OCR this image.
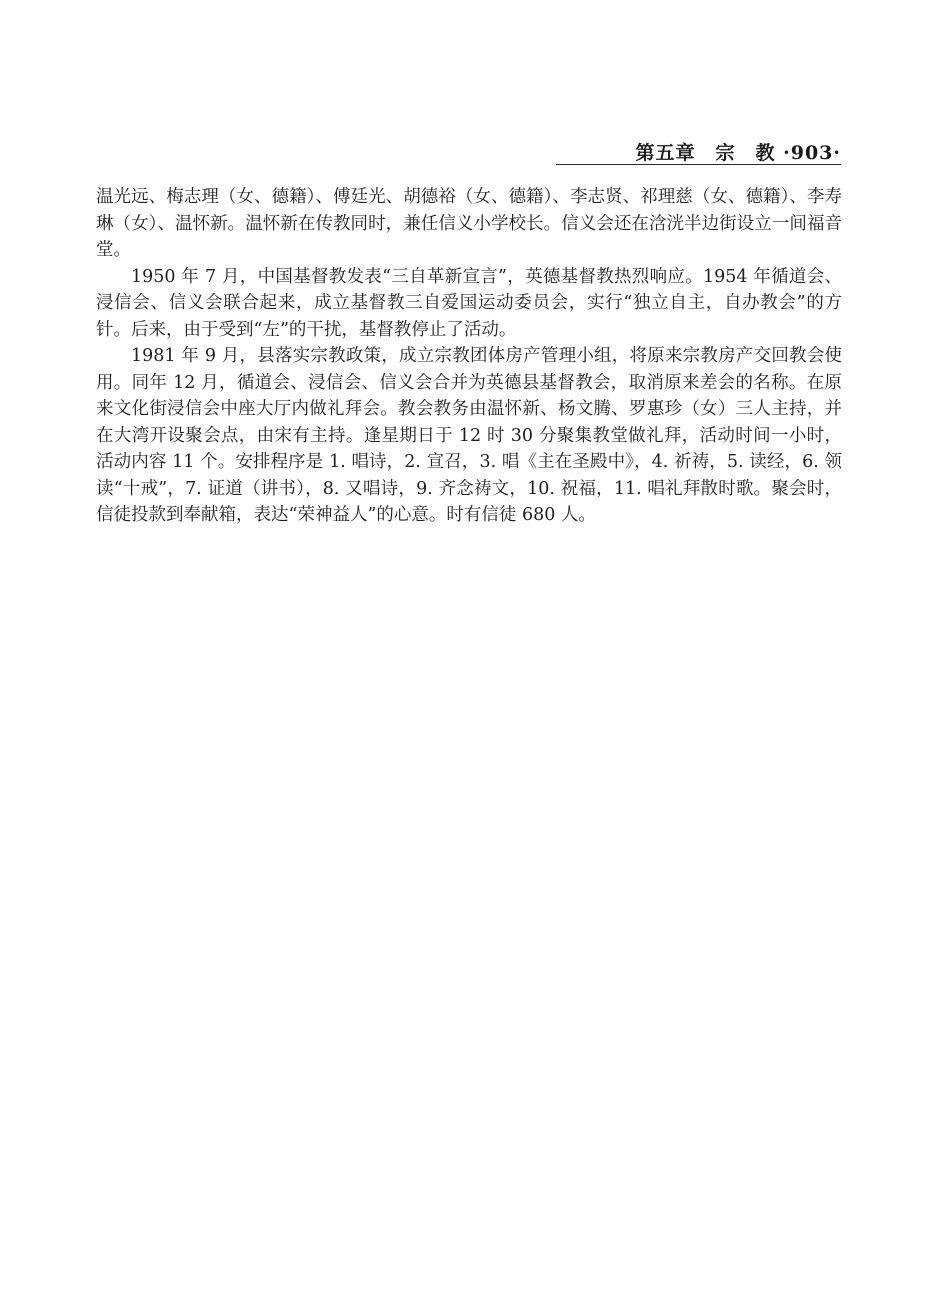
第五章　宗　教 ·903·

温光远、梅志理（女、德籍）、傅廷光、胡德裕（女、德籍）、李志贤、祁理慈（女、德籍）、李寿琳（女）、温怀新。温怀新在传教同时，兼任信义小学校长。信义会还在浛洸半边街设立一间福音堂。

1950 年 7 月，中国基督教发表“三自革新宣言”，英德基督教热烈响应。1954 年循道会、浸信会、信义会联合起来，成立基督教三自爱国运动委员会，实行“独立自主，自办教会”的方针。后来，由于受到“左”的干扰，基督教停止了活动。

1981 年 9 月，县落实宗教政策，成立宗教团体房产管理小组，将原来宗教房产交回教会使用。同年 12 月，循道会、浸信会、信义会合并为英德县基督教会，取消原来差会的名称。在原来文化街浸信会中座大厅内做礼拜会。教会教务由温怀新、杨文腾、罗惠珍（女）三人主持，并在大湾开设聚会点，由宋有主持。逢星期日于 12 时 30 分聚集教堂做礼拜，活动时间一小时，活动内容 11 个。安排程序是 1. 唱诗，2. 宣召，3. 唱《主在圣殿中》，4. 祈祷，5. 读经，6. 领读“十戒”，7. 证道（讲书），8. 又唱诗，9. 齐念祷文，10. 祝福，11. 唱礼拜散时歌。聚会时，信徒投款到奉献箱，表达“荣神益人”的心意。时有信徒 680 人。
